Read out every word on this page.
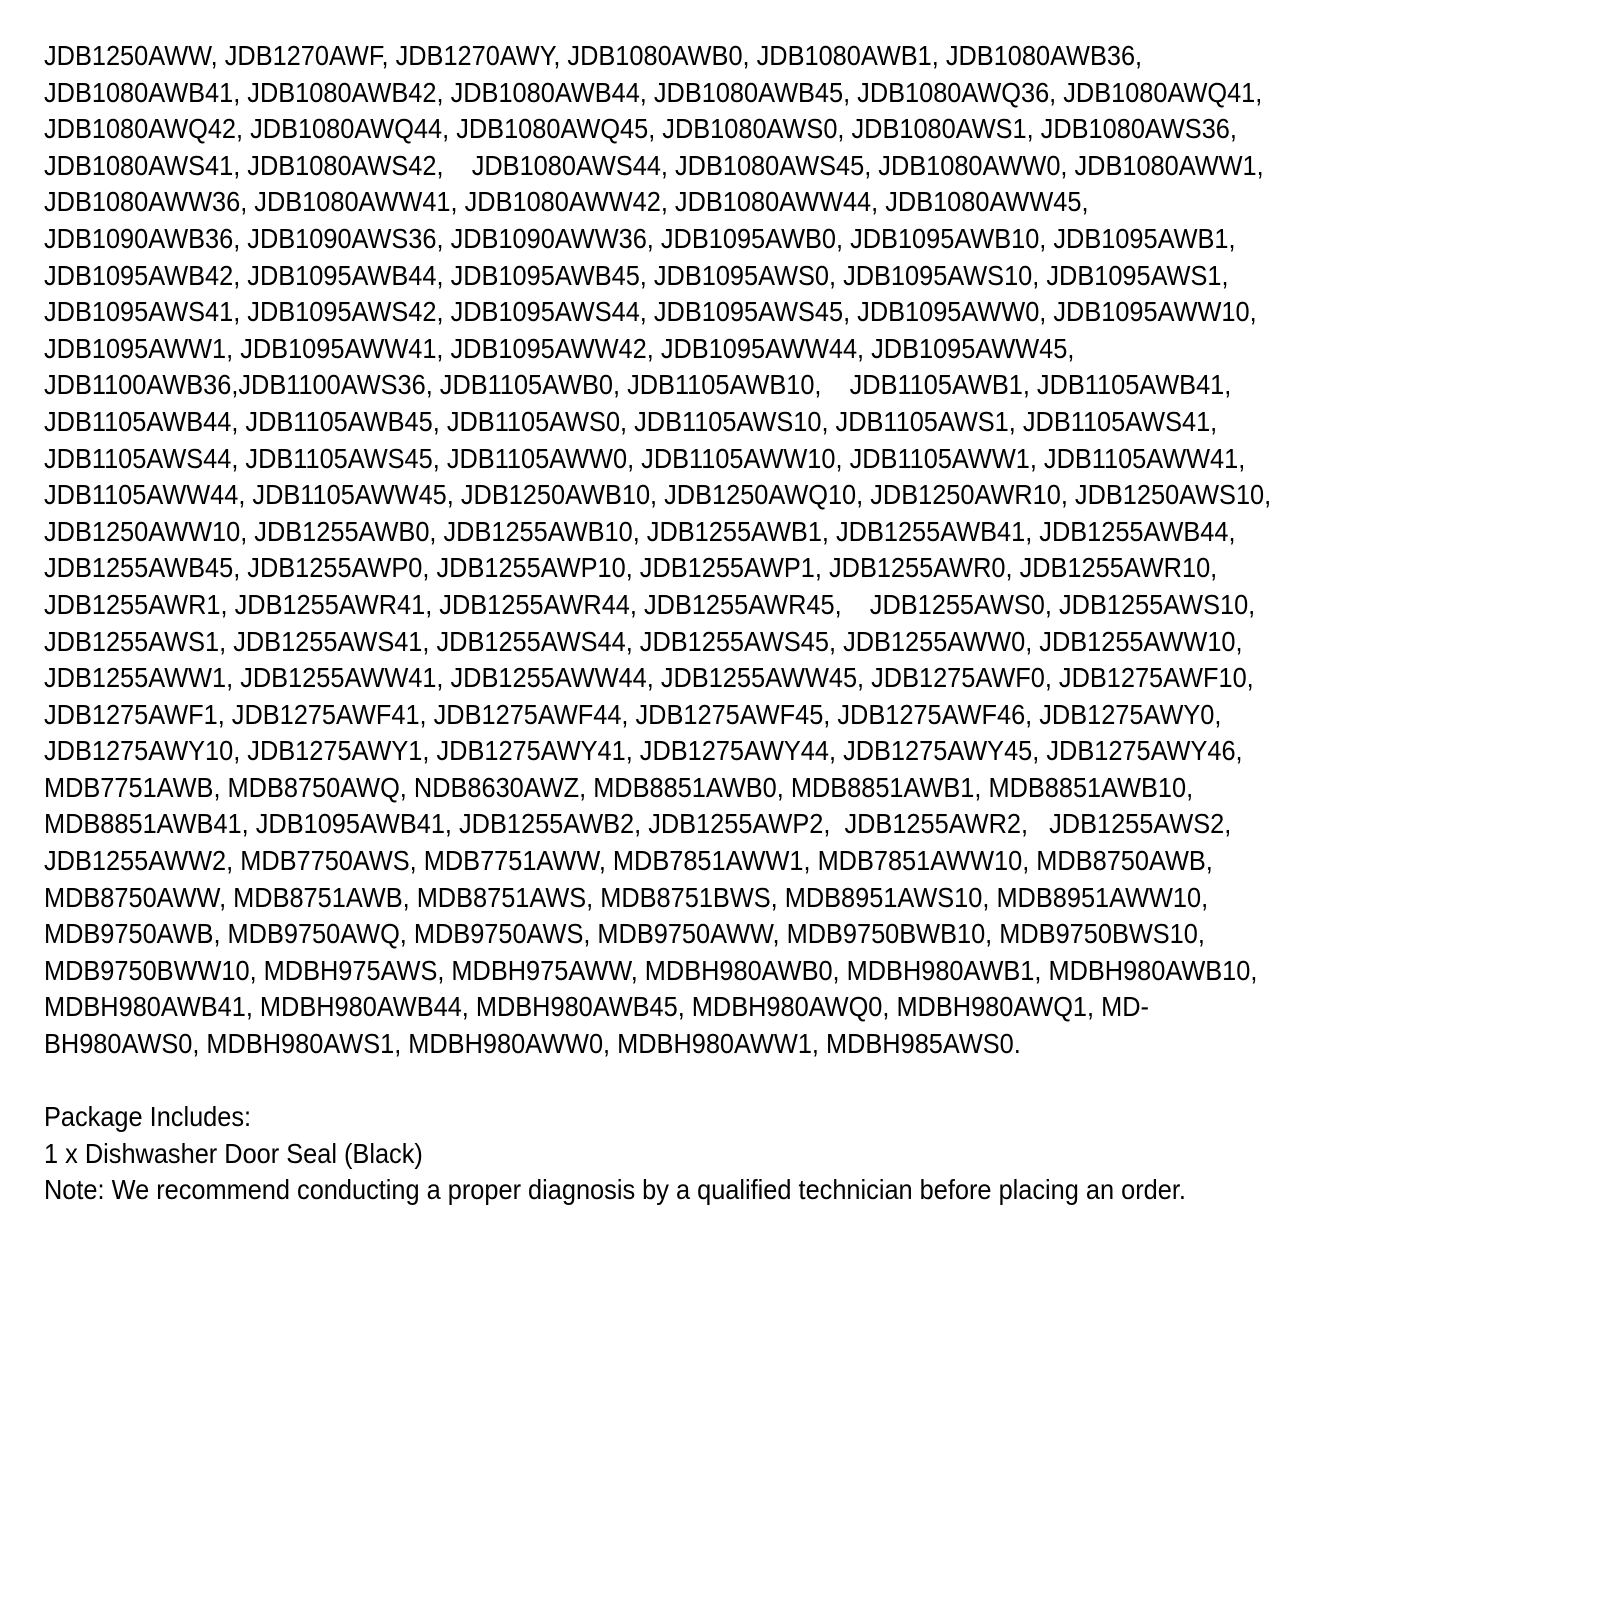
JDB1250AWW, JDB1270AWF, JDB1270AWY, JDB1080AWB0, JDB1080AWB1, JDB1080AWB36,
JDB1080AWB41, JDB1080AWB42, JDB1080AWB44, JDB1080AWB45, JDB1080AWQ36, JDB1080AWQ41,
JDB1080AWQ42, JDB1080AWQ44, JDB1080AWQ45, JDB1080AWS0, JDB1080AWS1, JDB1080AWS36,
JDB1080AWS41, JDB1080AWS42,    JDB1080AWS44, JDB1080AWS45, JDB1080AWW0, JDB1080AWW1,
JDB1080AWW36, JDB1080AWW41, JDB1080AWW42, JDB1080AWW44, JDB1080AWW45,
JDB1090AWB36, JDB1090AWS36, JDB1090AWW36, JDB1095AWB0, JDB1095AWB10, JDB1095AWB1,
JDB1095AWB42, JDB1095AWB44, JDB1095AWB45, JDB1095AWS0, JDB1095AWS10, JDB1095AWS1,
JDB1095AWS41, JDB1095AWS42, JDB1095AWS44, JDB1095AWS45, JDB1095AWW0, JDB1095AWW10,
JDB1095AWW1, JDB1095AWW41, JDB1095AWW42, JDB1095AWW44, JDB1095AWW45,
JDB1100AWB36,JDB1100AWS36, JDB1105AWB0, JDB1105AWB10,    JDB1105AWB1, JDB1105AWB41,
JDB1105AWB44, JDB1105AWB45, JDB1105AWS0, JDB1105AWS10, JDB1105AWS1, JDB1105AWS41,
JDB1105AWS44, JDB1105AWS45, JDB1105AWW0, JDB1105AWW10, JDB1105AWW1, JDB1105AWW41,
JDB1105AWW44, JDB1105AWW45, JDB1250AWB10, JDB1250AWQ10, JDB1250AWR10, JDB1250AWS10,
JDB1250AWW10, JDB1255AWB0, JDB1255AWB10, JDB1255AWB1, JDB1255AWB41, JDB1255AWB44,
JDB1255AWB45, JDB1255AWP0, JDB1255AWP10, JDB1255AWP1, JDB1255AWR0, JDB1255AWR10,
JDB1255AWR1, JDB1255AWR41, JDB1255AWR44, JDB1255AWR45,    JDB1255AWS0, JDB1255AWS10,
JDB1255AWS1, JDB1255AWS41, JDB1255AWS44, JDB1255AWS45, JDB1255AWW0, JDB1255AWW10,
JDB1255AWW1, JDB1255AWW41, JDB1255AWW44, JDB1255AWW45, JDB1275AWF0, JDB1275AWF10,
JDB1275AWF1, JDB1275AWF41, JDB1275AWF44, JDB1275AWF45, JDB1275AWF46, JDB1275AWY0,
JDB1275AWY10, JDB1275AWY1, JDB1275AWY41, JDB1275AWY44, JDB1275AWY45, JDB1275AWY46,
MDB7751AWB, MDB8750AWQ, NDB8630AWZ, MDB8851AWB0, MDB8851AWB1, MDB8851AWB10,
MDB8851AWB41, JDB1095AWB41, JDB1255AWB2, JDB1255AWP2,  JDB1255AWR2,   JDB1255AWS2,
JDB1255AWW2, MDB7750AWS, MDB7751AWW, MDB7851AWW1, MDB7851AWW10, MDB8750AWB,
MDB8750AWW, MDB8751AWB, MDB8751AWS, MDB8751BWS, MDB8951AWS10, MDB8951AWW10,
MDB9750AWB, MDB9750AWQ, MDB9750AWS, MDB9750AWW, MDB9750BWB10, MDB9750BWS10,
MDB9750BWW10, MDBH975AWS, MDBH975AWW, MDBH980AWB0, MDBH980AWB1, MDBH980AWB10,
MDBH980AWB41, MDBH980AWB44, MDBH980AWB45, MDBH980AWQ0, MDBH980AWQ1, MD-
BH980AWS0, MDBH980AWS1, MDBH980AWW0, MDBH980AWW1, MDBH985AWS0.
Package Includes:
1 x Dishwasher Door Seal (Black)
Note: We recommend conducting a proper diagnosis by a qualified technician before placing an order.
